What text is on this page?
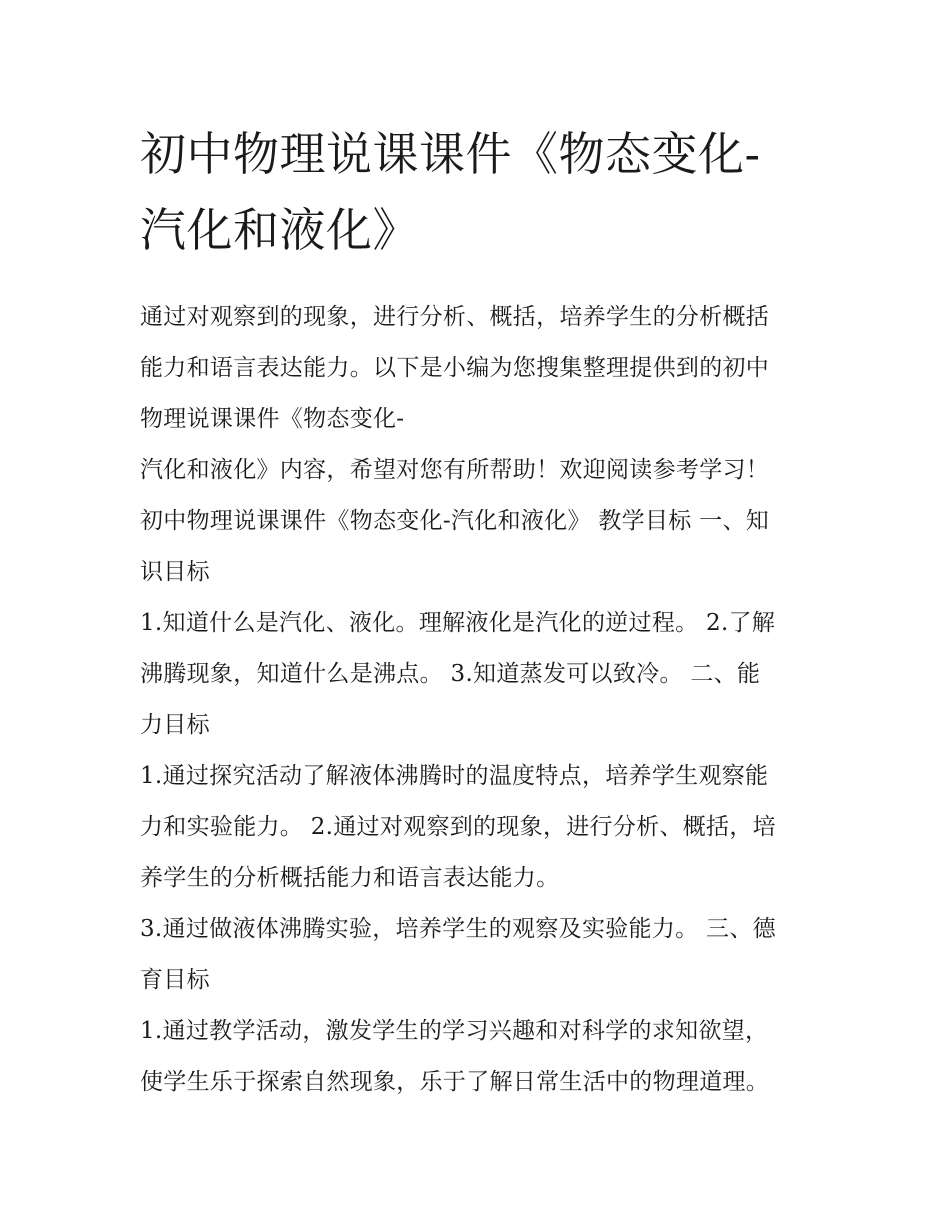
初中物理说课课件《物态变化-
汽化和液化》
通过对观察到的现象，进行分析、概括，培养学生的分析概括
能力和语言表达能力。以下是小编为您搜集整理提供到的初中
物理说课课件《物态变化-
汽化和液化》内容，希望对您有所帮助！欢迎阅读参考学习！
初中物理说课课件《物态变化-汽化和液化》 教学目标 一、知
识目标
1.知道什么是汽化、液化。理解液化是汽化的逆过程。 2.了解
沸腾现象，知道什么是沸点。 3.知道蒸发可以致冷。 二、能
力目标
1.通过探究活动了解液体沸腾时的温度特点，培养学生观察能
力和实验能力。 2.通过对观察到的现象，进行分析、概括，培
养学生的分析概括能力和语言表达能力。
3.通过做液体沸腾实验，培养学生的观察及实验能力。 三、德
育目标
1.通过教学活动，激发学生的学习兴趣和对科学的求知欲望，
使学生乐于探索自然现象，乐于了解日常生活中的物理道理。
